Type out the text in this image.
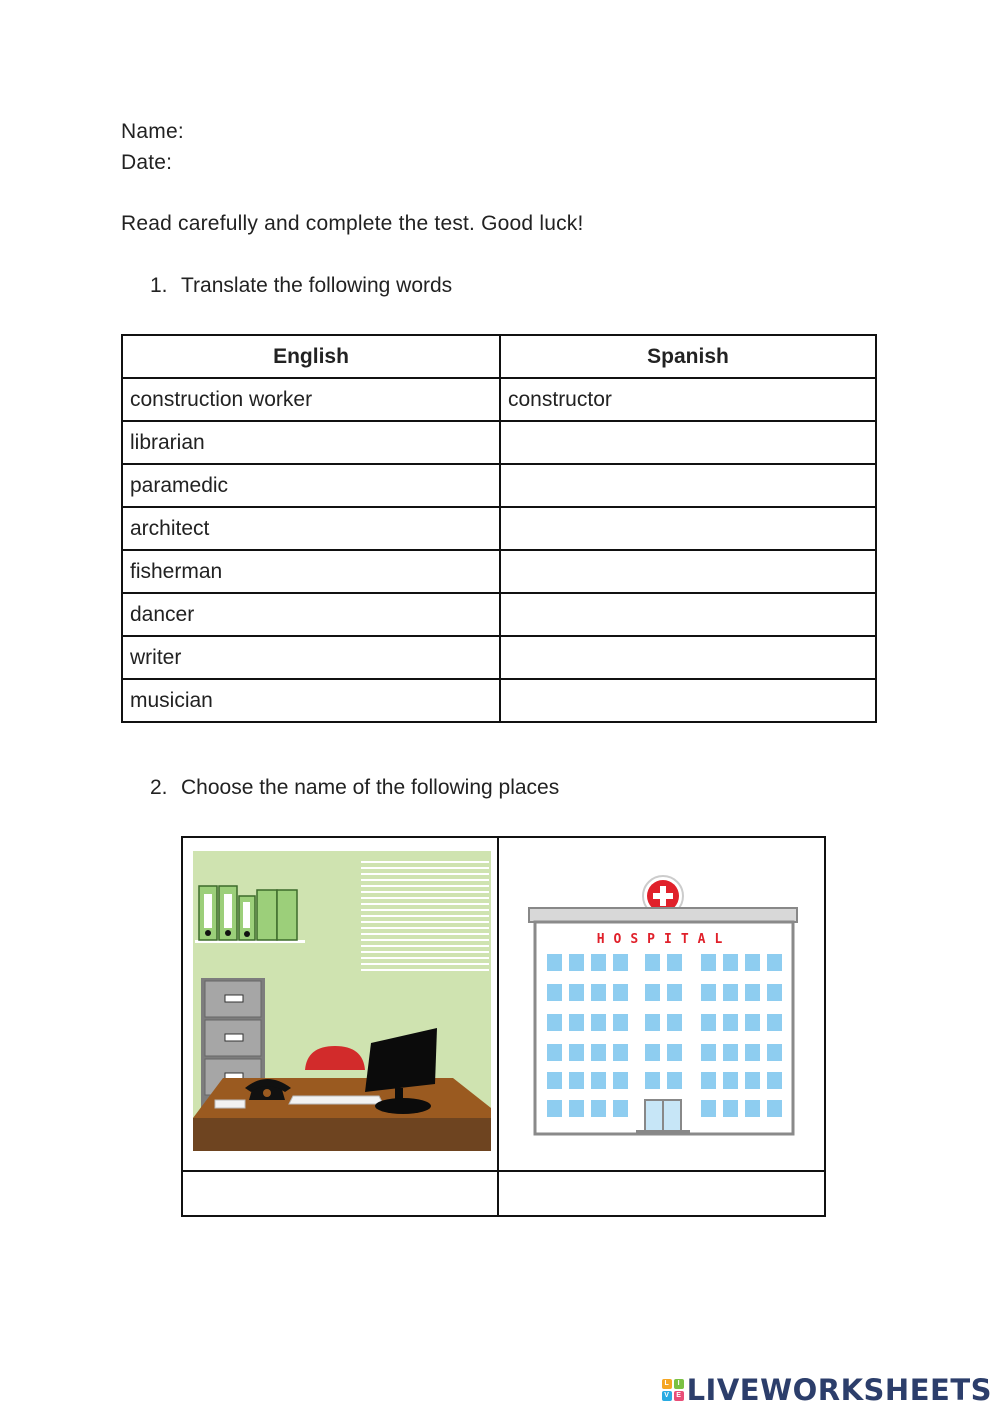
Name:
Date:
Read carefully and complete the test. Good luck!
1. Translate the following words
English	Spanish
construction worker	constructor
librarian	
paramedic	
architect	
fisherman	
dancer	
writer	
musician	
2. Choose the name of the following places

HOSPITAL

L	I
V	E LIVEWORKSHEETS
